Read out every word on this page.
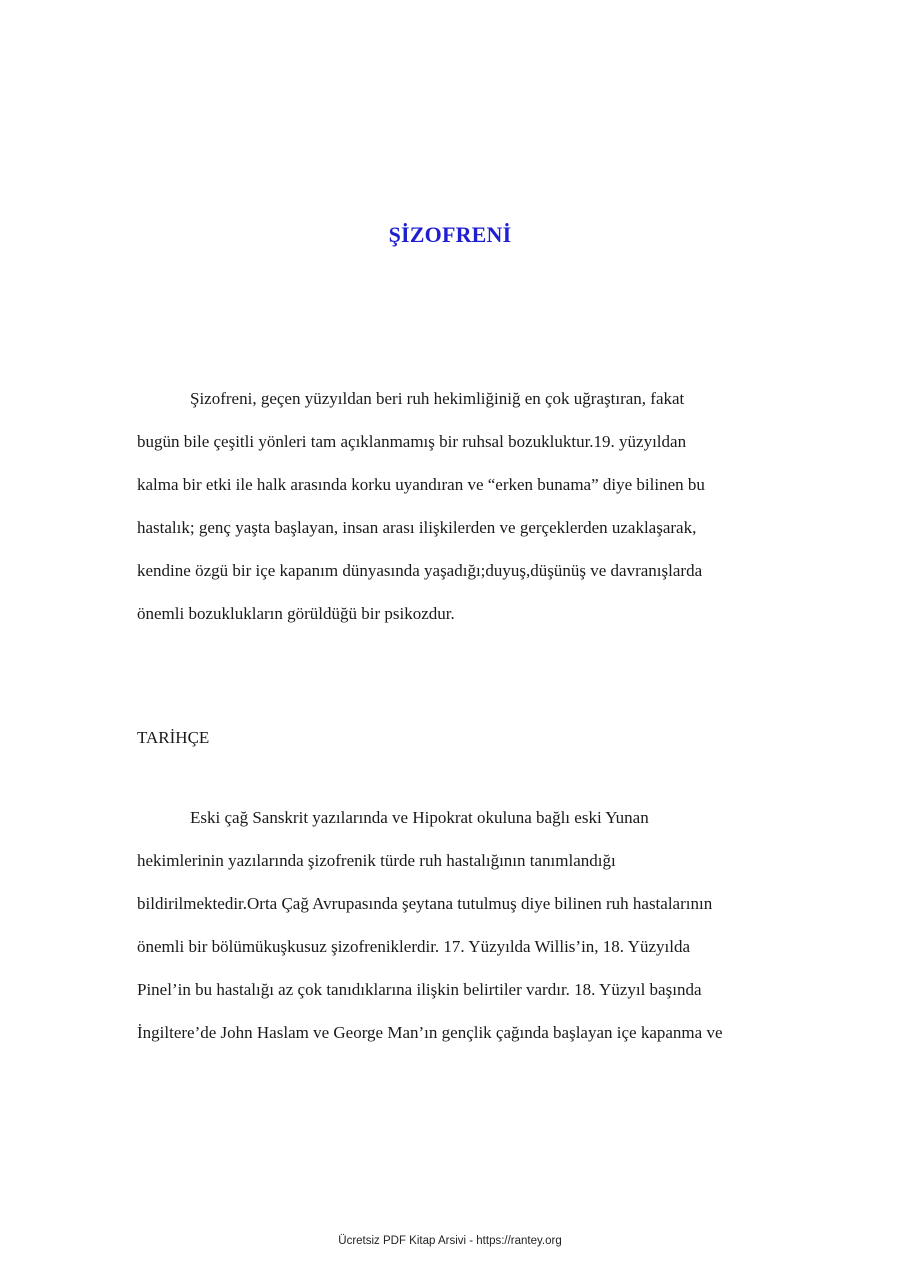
ŞİZOFRENİ
Şizofreni, geçen yüzyıldan beri ruh hekimliğiniğ en çok uğraştıran, fakat
bugün bile çeşitli yönleri tam açıklanmamış bir ruhsal bozukluktur.19. yüzyıldan
kalma bir etki ile halk arasında korku uyandıran ve “erken bunama” diye bilinen bu
hastalık; genç yaşta başlayan, insan arası ilişkilerden ve gerçeklerden uzaklaşarak,
kendine özgü bir içe kapanım dünyasında yaşadığı;duyuş,düşünüş ve davranışlarda
önemli bozuklukların görüldüğü bir psikozdur.
TARİHÇE
Eski çağ Sanskrit yazılarında ve Hipokrat okuluna bağlı eski Yunan
hekimlerinin yazılarında şizofrenik türde ruh hastalığının tanımlandığı
bildirilmektedir.Orta Çağ Avrupasında şeytana tutulmuş diye bilinen ruh hastalarının
önemli bir bölümükuşkusuz şizofreniklerdir. 17. Yüzyılda Willis’in, 18. Yüzyılda
Pinel’in bu hastalığı az çok tanıdıklarına ilişkin belirtiler vardır. 18. Yüzyıl başında
İngiltere’de John Haslam ve George Man’ın gençlik çağında başlayan içe kapanma ve
Ücretsiz PDF Kitap Arsivi - https://rantey.org
